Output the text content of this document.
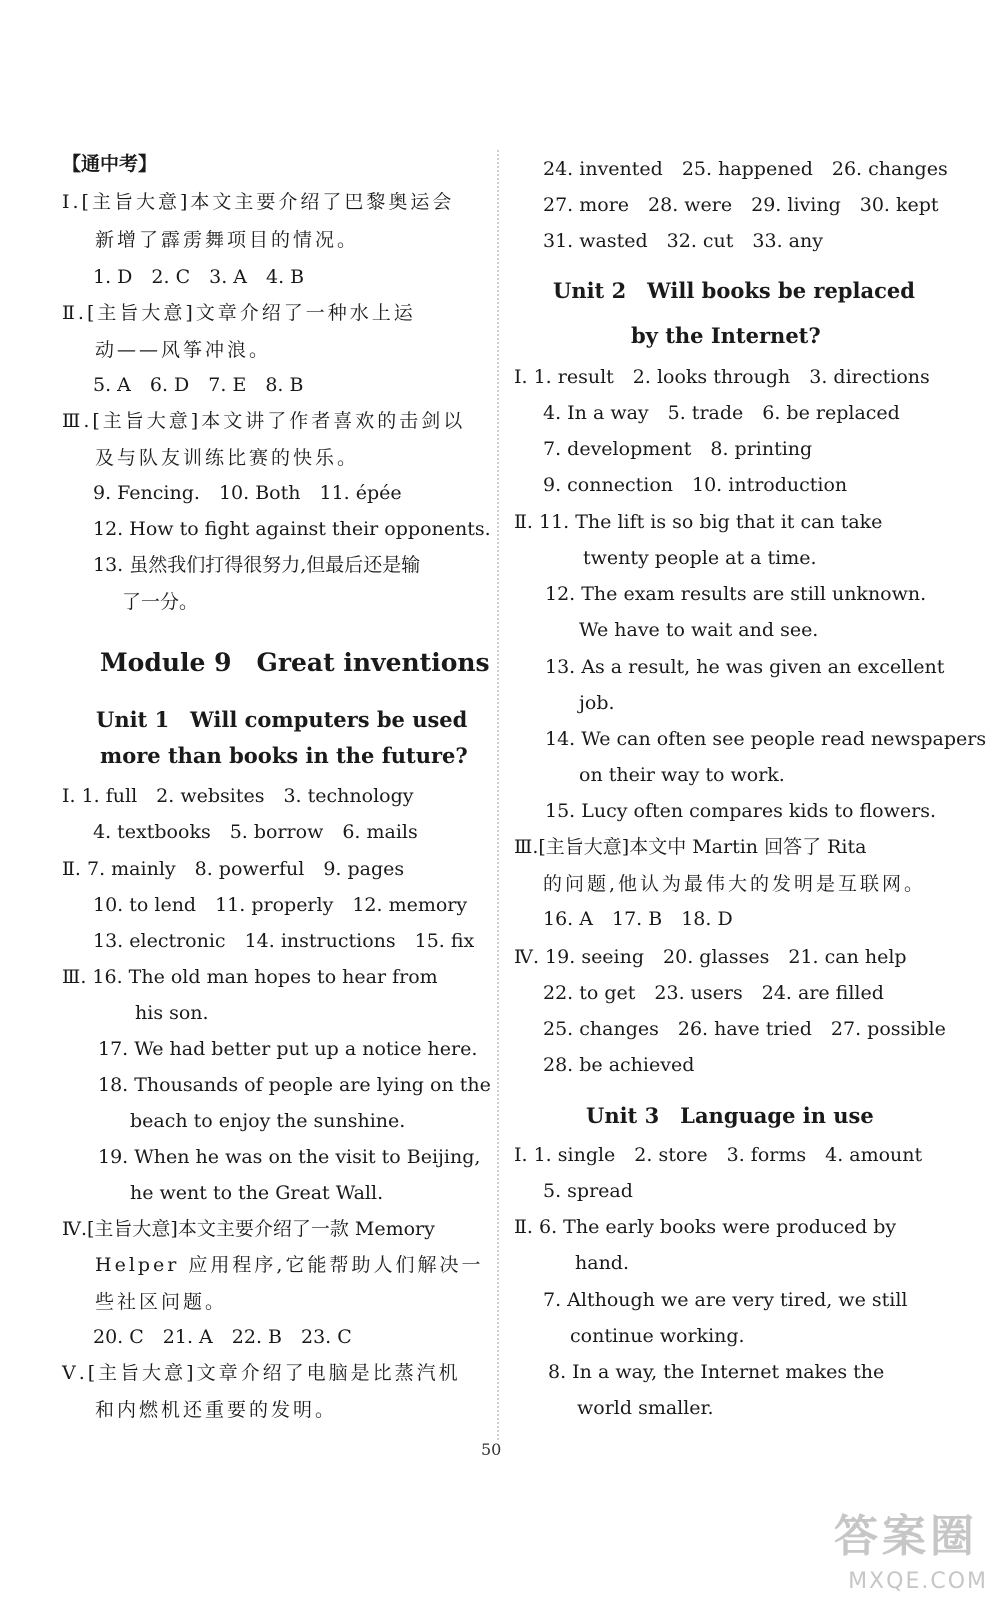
【通中考】
Ⅰ.[主旨大意]本文主要介绍了巴黎奥运会
新增了霹雳舞项目的情况。
1. D　2. C　3. A　4. B
Ⅱ.[主旨大意]文章介绍了一种水上运
动——风筝冲浪。
5. A　6. D　7. E　8. B
Ⅲ.[主旨大意]本文讲了作者喜欢的击剑以
及与队友训练比赛的快乐。
9. Fencing.　10. Both　11. épée
12. How to fight against their opponents.
13. 虽然我们打得很努力,但最后还是输
了一分。
Module 9　Great inventions
Unit 1　Will computers be used
more than books in the future?
Ⅰ. 1. full　2. websites　3. technology
4. textbooks　5. borrow　6. mails
Ⅱ. 7. mainly　8. powerful　9. pages
10. to lend　11. properly　12. memory
13. electronic　14. instructions　15. fix
Ⅲ. 16. The old man hopes to hear from
his son.
17. We had better put up a notice here.
18. Thousands of people are lying on the
beach to enjoy the sunshine.
19. When he was on the visit to Beijing,
he went to the Great Wall.
Ⅳ.[主旨大意]本文主要介绍了一款 Memory
Helper 应用程序,它能帮助人们解决一
些社区问题。
20. C　21. A　22. B　23. C
Ⅴ.[主旨大意]文章介绍了电脑是比蒸汽机
和内燃机还重要的发明。
24. invented　25. happened　26. changes
27. more　28. were　29. living　30. kept
31. wasted　32. cut　33. any
Unit 2　Will books be replaced
by the Internet?
Ⅰ. 1. result　2. looks through　3. directions
4. In a way　5. trade　6. be replaced
7. development　8. printing
9. connection　10. introduction
Ⅱ. 11. The lift is so big that it can take
twenty people at a time.
12. The exam results are still unknown.
We have to wait and see.
13. As a result, he was given an excellent
job.
14. We can often see people read newspapers
on their way to work.
15. Lucy often compares kids to flowers.
Ⅲ.[主旨大意]本文中 Martin 回答了 Rita
的问题,他认为最伟大的发明是互联网。
16. A　17. B　18. D
Ⅳ. 19. seeing　20. glasses　21. can help
22. to get　23. users　24. are filled
25. changes　26. have tried　27. possible
28. be achieved
Unit 3　Language in use
Ⅰ. 1. single　2. store　3. forms　4. amount
5. spread
Ⅱ. 6. The early books were produced by
hand.
7. Although we are very tired, we still
continue working.
8. In a way, the Internet makes the
world smaller.
50
答案圈
MXQE.COM
